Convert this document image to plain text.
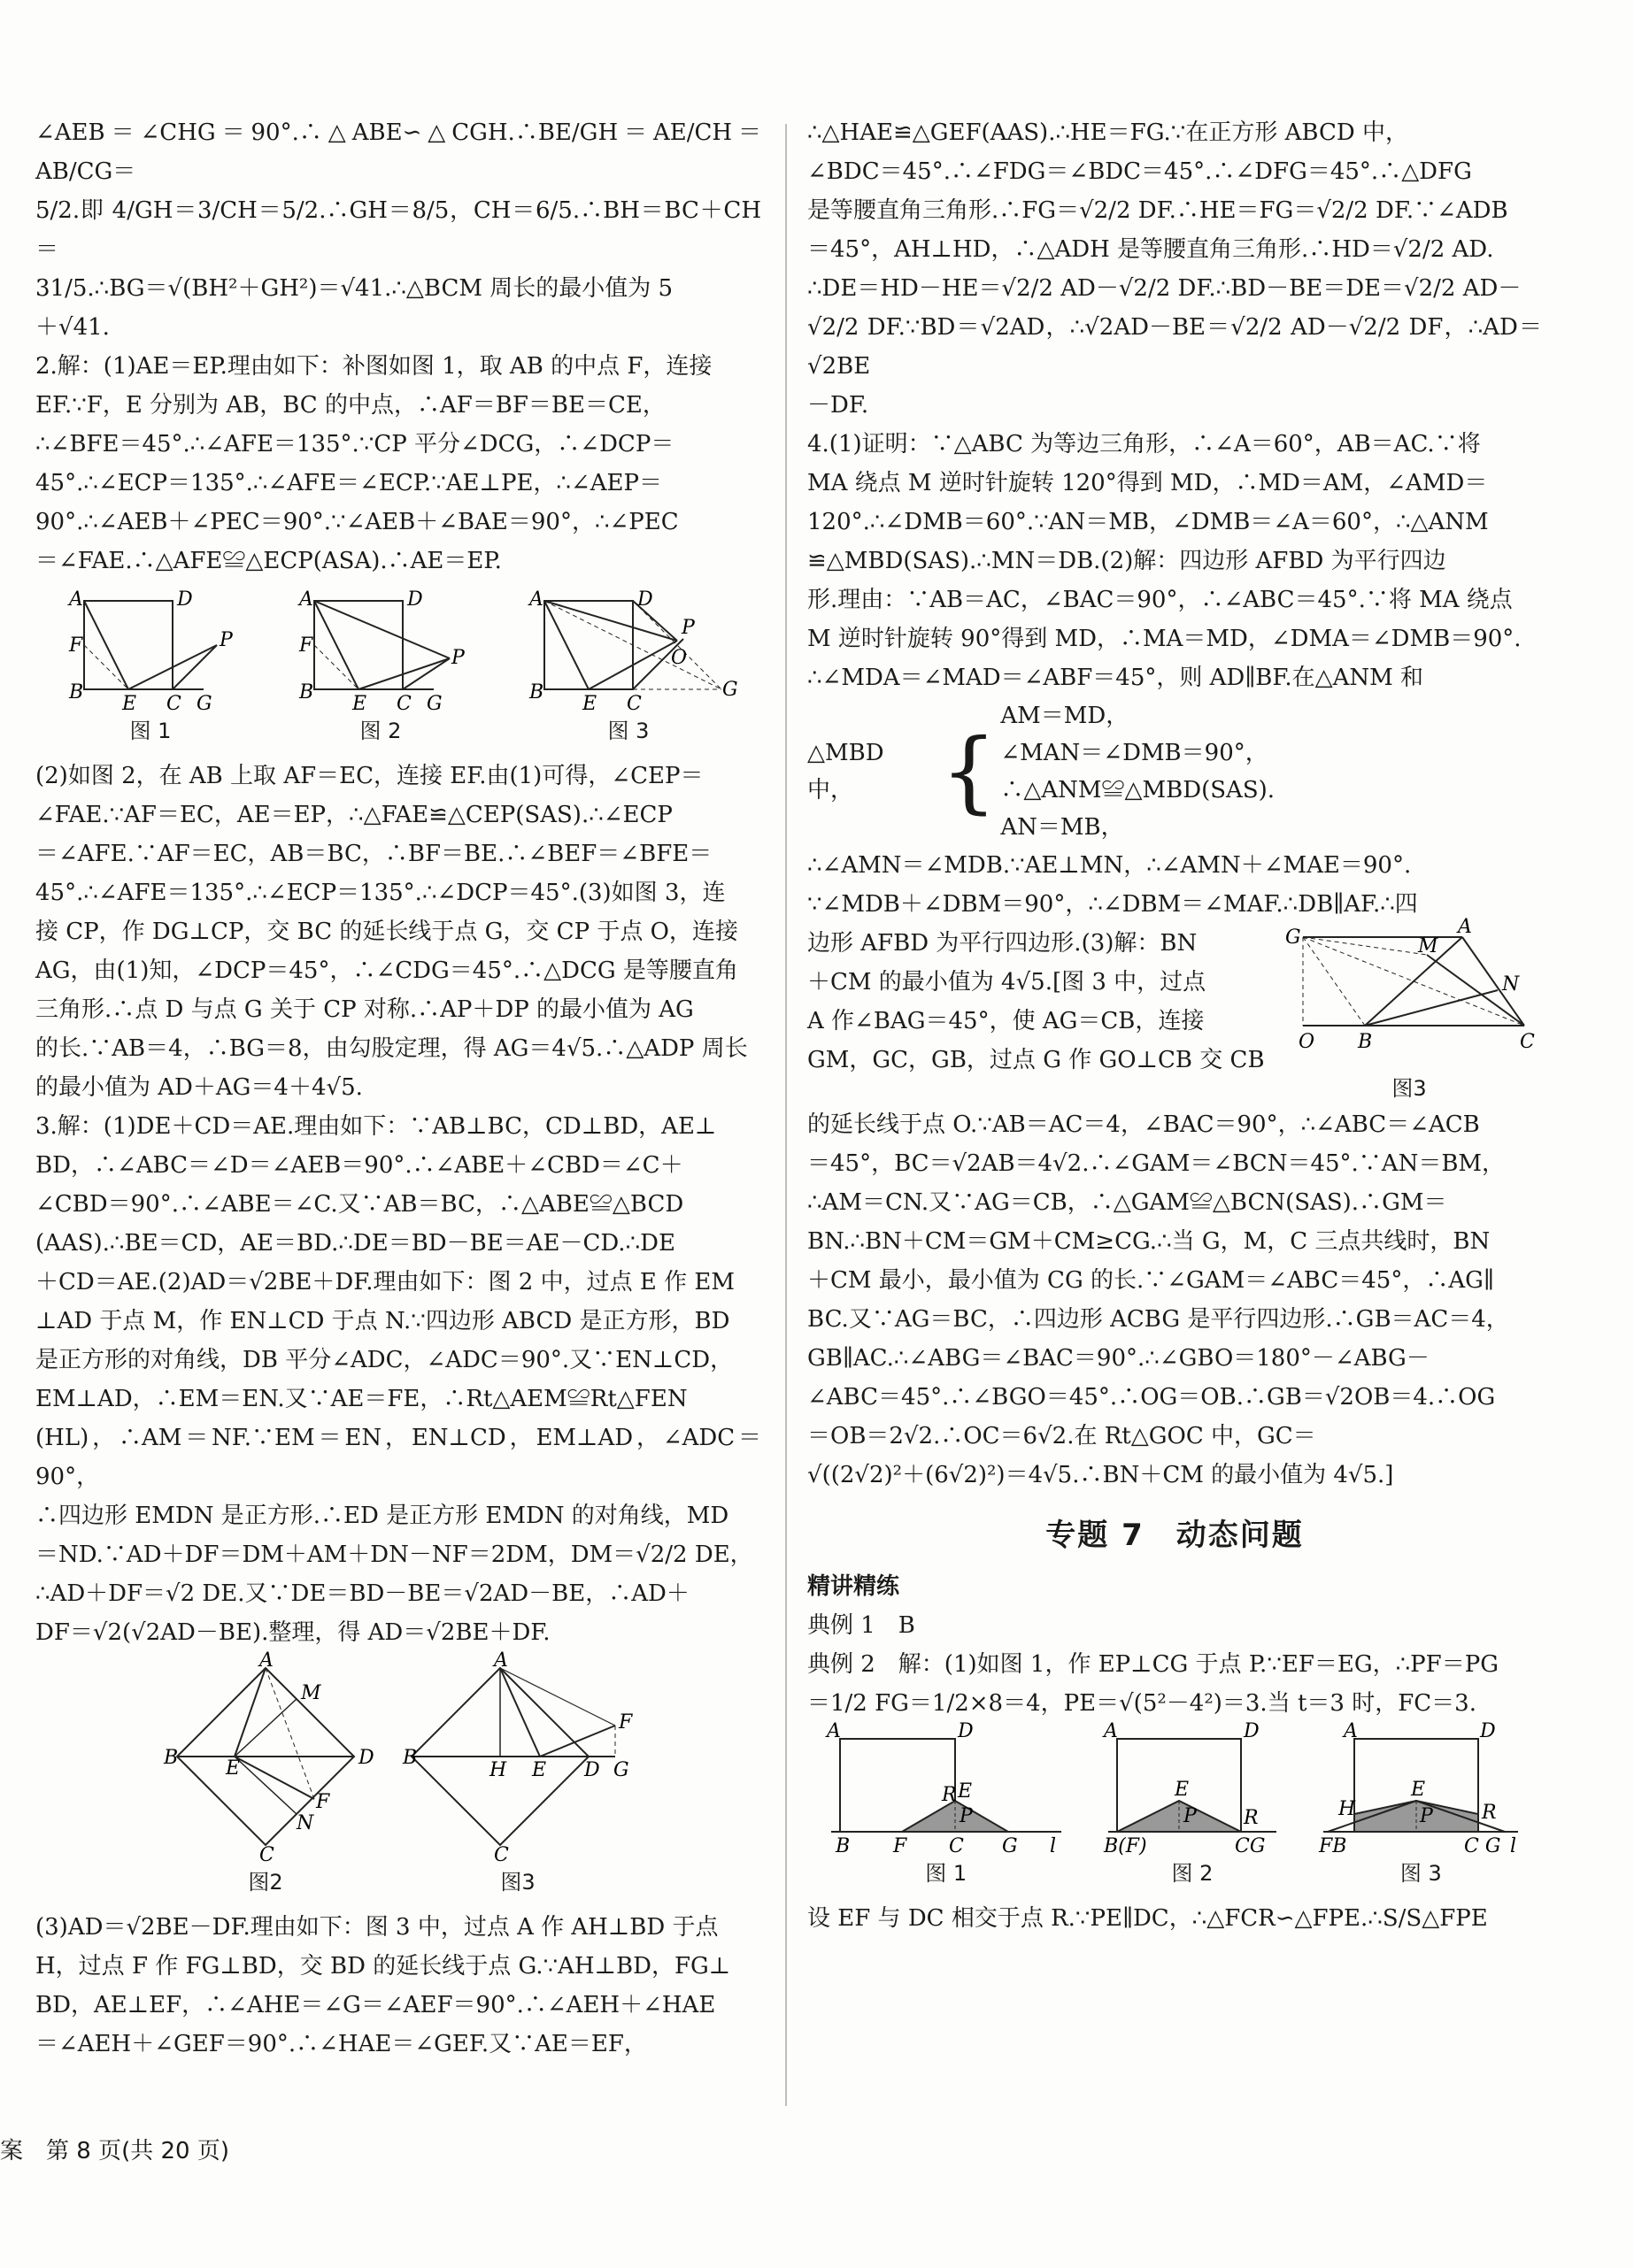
∠AEB＝∠CHG＝90°.∴△ABE∽△CGH.∴BE/GH＝AE/CH＝AB/CG＝

5/2.即 4/GH＝3/CH＝5/2.∴GH＝8/5，CH＝6/5.∴BH＝BC＋CH＝

31/5.∴BG＝√(BH²＋GH²)＝√41.∴△BCM 周长的最小值为 5

＋√41.

2.解：(1)AE＝EP.理由如下：补图如图 1，取 AB 的中点 F，连接

EF.∵F，E 分别为 AB，BC 的中点，∴AF＝BF＝BE＝CE，

∴∠BFE＝45°.∴∠AFE＝135°.∵CP 平分∠DCG，∴∠DCP＝

45°.∴∠ECP＝135°.∴∠AFE＝∠ECP.∵AE⊥PE，∴∠AEP＝

90°.∴∠AEB＋∠PEC＝90°.∵∠AEB＋∠BAE＝90°，∴∠PEC

＝∠FAE.∴△AFE≌△ECP(ASA).∴AE＝EP.

A	D
F
B
E C G
P
图 1
A	D
F
B
E C G
P
图 2
A	D
B
E C
G
P
O
图 3

(2)如图 2，在 AB 上取 AF＝EC，连接 EF.由(1)可得，∠CEP＝

∠FAE.∵AF＝EC，AE＝EP，∴△FAE≌△CEP(SAS).∴∠ECP

＝∠AFE.∵AF＝EC，AB＝BC，∴BF＝BE.∴∠BEF＝∠BFE＝

45°.∴∠AFE＝135°.∴∠ECP＝135°.∴∠DCP＝45°.(3)如图 3，连

接 CP，作 DG⊥CP，交 BC 的延长线于点 G，交 CP 于点 O，连接

AG，由(1)知，∠DCP＝45°，∴∠CDG＝45°.∴△DCG 是等腰直角

三角形.∴点 D 与点 G 关于 CP 对称.∴AP＋DP 的最小值为 AG

的长.∵AB＝4，∴BG＝8，由勾股定理，得 AG＝4√5.∴△ADP 周长

的最小值为 AD＋AG＝4＋4√5.

3.解：(1)DE＋CD＝AE.理由如下：∵AB⊥BC，CD⊥BD，AE⊥

BD，∴∠ABC＝∠D＝∠AEB＝90°.∴∠ABE＋∠CBD＝∠C＋

∠CBD＝90°.∴∠ABE＝∠C.又∵AB＝BC，∴△ABE≌△BCD

(AAS).∴BE＝CD，AE＝BD.∴DE＝BD－BE＝AE－CD.∴DE

＋CD＝AE.(2)AD＝√2BE＋DF.理由如下：图 2 中，过点 E 作 EM

⊥AD 于点 M，作 EN⊥CD 于点 N.∵四边形 ABCD 是正方形，BD

是正方形的对角线，DB 平分∠ADC，∠ADC＝90°.又∵EN⊥CD，

EM⊥AD，∴EM＝EN.又∵AE＝FE，∴Rt△AEM≌Rt△FEN

(HL)，∴AM＝NF.∵EM＝EN，EN⊥CD，EM⊥AD，∠ADC＝90°，

∴四边形 EMDN 是正方形.∴ED 是正方形 EMDN 的对角线，MD

＝ND.∵AD＋DF＝DM＋AM＋DN－NF＝2DM，DM＝√2/2 DE，

∴AD＋DF＝√2 DE.又∵DE＝BD－BE＝√2AD－BE，∴AD＋

DF＝√2(√2AD－BE).整理，得 AD＝√2BE＋DF.

A
M
B E	D
F
N
C
图2
A
B
H E D G
F
C
图3

(3)AD＝√2BE－DF.理由如下：图 3 中，过点 A 作 AH⊥BD 于点

H，过点 F 作 FG⊥BD，交 BD 的延长线于点 G.∵AH⊥BD，FG⊥

BD，AE⊥EF，∴∠AHE＝∠G＝∠AEF＝90°.∴∠AEH＋∠HAE

＝∠AEH＋∠GEF＝90°.∴∠HAE＝∠GEF.又∵AE＝EF，

∴△HAE≌△GEF(AAS).∴HE＝FG.∵在正方形 ABCD 中，

∠BDC＝45°.∴∠FDG＝∠BDC＝45°.∴∠DFG＝45°.∴△DFG

是等腰直角三角形.∴FG＝√2/2 DF.∴HE＝FG＝√2/2 DF.∵∠ADB

＝45°，AH⊥HD，∴△ADH 是等腰直角三角形.∴HD＝√2/2 AD.

∴DE＝HD－HE＝√2/2 AD－√2/2 DF.∴BD－BE＝DE＝√2/2 AD－

√2/2 DF.∵BD＝√2AD，∴√2AD－BE＝√2/2 AD－√2/2 DF，∴AD＝√2BE

－DF.

4.(1)证明：∵△ABC 为等边三角形，∴∠A＝60°，AB＝AC.∵将

MA 绕点 M 逆时针旋转 120°得到 MD，∴MD＝AM，∠AMD＝

120°.∴∠DMB＝60°.∵AN＝MB，∠DMB＝∠A＝60°，∴△ANM

≌△MBD(SAS).∴MN＝DB.(2)解：四边形 AFBD 为平行四边

形.理由：∵AB＝AC，∠BAC＝90°，∴∠ABC＝45°.∵将 MA 绕点

M 逆时针旋转 90°得到 MD，∴MA＝MD，∠DMA＝∠DMB＝90°.

∴∠MDA＝∠MAD＝∠ABF＝45°，则 AD∥BF.在△ANM 和

△MBD 中， {
AM＝MD，
∠MAN＝∠DMB＝90°，∴△ANM≌△MBD(SAS).
AN＝MB，

∴∠AMN＝∠MDB.∵AE⊥MN，∴∠AMN＋∠MAE＝90°.

∵∠MDB＋∠DBM＝90°，∴∠DBM＝∠MAF.∴DB∥AF.∴四

G	A
M
N
O B	C
图3

边形 AFBD 为平行四边形.(3)解：BN

＋CM 的最小值为 4√5.[图 3 中，过点

A 作∠BAG＝45°，使 AG＝CB，连接

GM，GC，GB，过点 G 作 GO⊥CB 交 CB

的延长线于点 O.∵AB＝AC＝4，∠BAC＝90°，∴∠ABC＝∠ACB

＝45°，BC＝√2AB＝4√2.∴∠GAM＝∠BCN＝45°.∵AN＝BM，

∴AM＝CN.又∵AG＝CB，∴△GAM≌△BCN(SAS).∴GM＝

BN.∴BN＋CM＝GM＋CM≥CG.∴当 G，M，C 三点共线时，BN

＋CM 最小，最小值为 CG 的长.∵∠GAM＝∠ABC＝45°，∴AG∥

BC.又∵AG＝BC，∴四边形 ACBG 是平行四边形.∴GB＝AC＝4，

GB∥AC.∴∠ABG＝∠BAC＝90°.∴∠GBO＝180°－∠ABG－

∠ABC＝45°.∴∠BGO＝45°.∴OG＝OB.∴GB＝√2OB＝4.∴OG

＝OB＝2√2.∴OC＝6√2.在 Rt△GOC 中，GC＝

√((2√2)²＋(6√2)²)＝4√5.∴BN＋CM 的最小值为 4√5.]

专题 7　动态问题
精讲精练

典例 1　B

典例 2　解：(1)如图 1，作 EP⊥CG 于点 P.∵EF＝EG，∴PF＝PG

＝1/2 FG＝1/2×8＝4，PE＝√(5²－4²)＝3.当 t＝3 时，FC＝3.

A	D
R E
P
B F C G l
图 1
A	D
E
P R
B(F)	CG
图 2
A	D
H
E
P	R
FB	C G l
图 3

设 EF 与 DC 相交于点 R.∵PE∥DC，∴△FCR∽△FPE.∴S/S△FPE

案　第 8 页(共 20 页)
